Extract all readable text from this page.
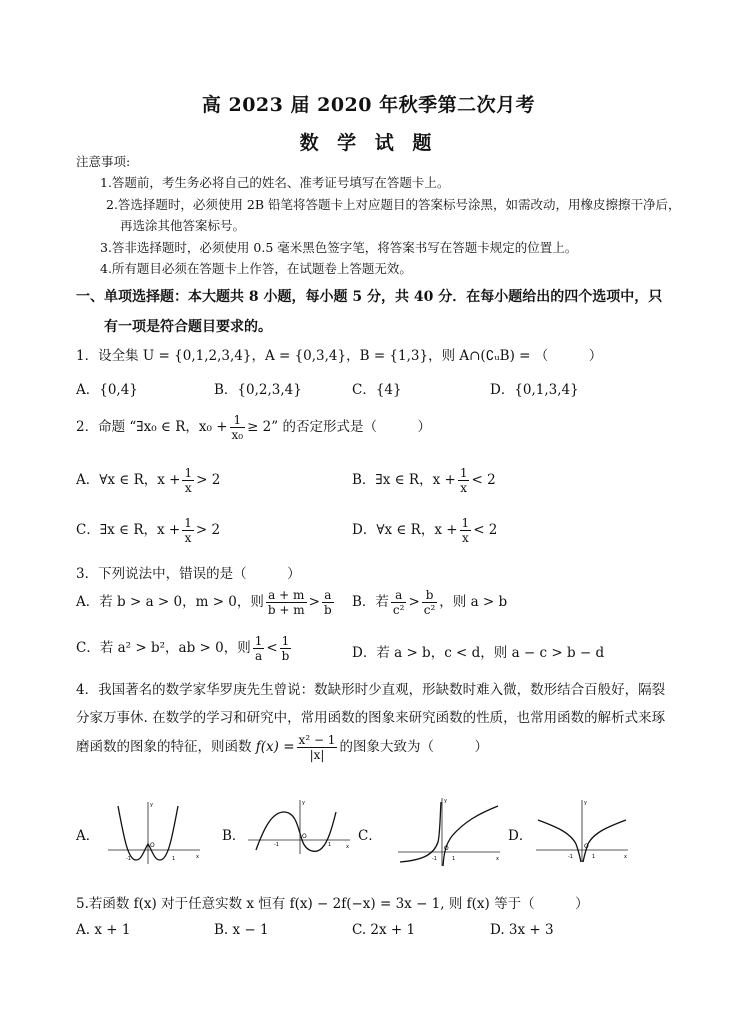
高 2023 届 2020 年秋季第二次月考
数 学 试 题
注意事项:
1.答题前，考生务必将自己的姓名、准考证号填写在答题卡上。
2.答选择题时，必须使用 2B 铅笔将答题卡上对应题目的答案标号涂黑，如需改动，用橡皮擦擦干净后，
再选涂其他答案标号。
3.答非选择题时，必须使用 0.5 毫米黑色签字笔，将答案书写在答题卡规定的位置上。
4.所有题目必须在答题卡上作答，在试题卷上答题无效。
一、单项选择题：本大题共 8 小题，每小题 5 分，共 40 分．在每小题给出的四个选项中，只
有一项是符合题目要求的。
1．设全集 U = {0,1,2,3,4}，A = {0,3,4}，B = {1,3}，则 A∩(∁ᵤB) = （　　　）
A．{0,4}	B．{0,2,3,4}	C．{4}	D．{0,1,3,4}
2．命题 “∃x₀ ∈ R，$x_0 + \frac{1}{\text{x₀}} \ge 2$” 的否定形式是（　　　）
A．∀x ∈ R，$x + \frac{1}{x} > 2$	B．∃x ∈ R，$x + \frac{1}{x} < 2$
C．∃x ∈ R，$x + \frac{1}{x} > 2$	D．∀x ∈ R，$x + \frac{1}{x} < 2$
3．下列说法中，错误的是（　　　）
A．若 b > a > 0，m > 0，则 $\frac{a + m}{b + m} > \frac{a}{b}$ B．若 $\frac{a}{\text{c²}} > \frac{b}{\text{c²}}$ ，则 a > b
C．若 a² > b²，ab > 0，则 $\frac{1}{a} < \frac{1}{b}$	D．若 a > b，c < d，则 a − c > b − d
4．我国著名的数学家华罗庚先生曾说：数缺形时少直观，形缺数时难入微，数形结合百般好，隔裂
分家万事休. 在数学的学习和研究中，常用函数的图象来研究函数的性质，也常用函数的解析式来琢
磨函数的图象的特征，则函数 $f(x) = \frac{\text{x² − 1}}{|x|}$ 的图象大致为（　　　）
A．	B．	C．	D．
-1	1
O
x
y
-1	1
O
x
y
-1	1
O
x
y
-1	1
O
x
y
5.若函数 f(x) 对于任意实数 x 恒有 f(x) − 2f(−x) = 3x − 1, 则 f(x) 等于（　　　）
A. x + 1	B. x − 1	C. 2x + 1	D. 3x + 3
